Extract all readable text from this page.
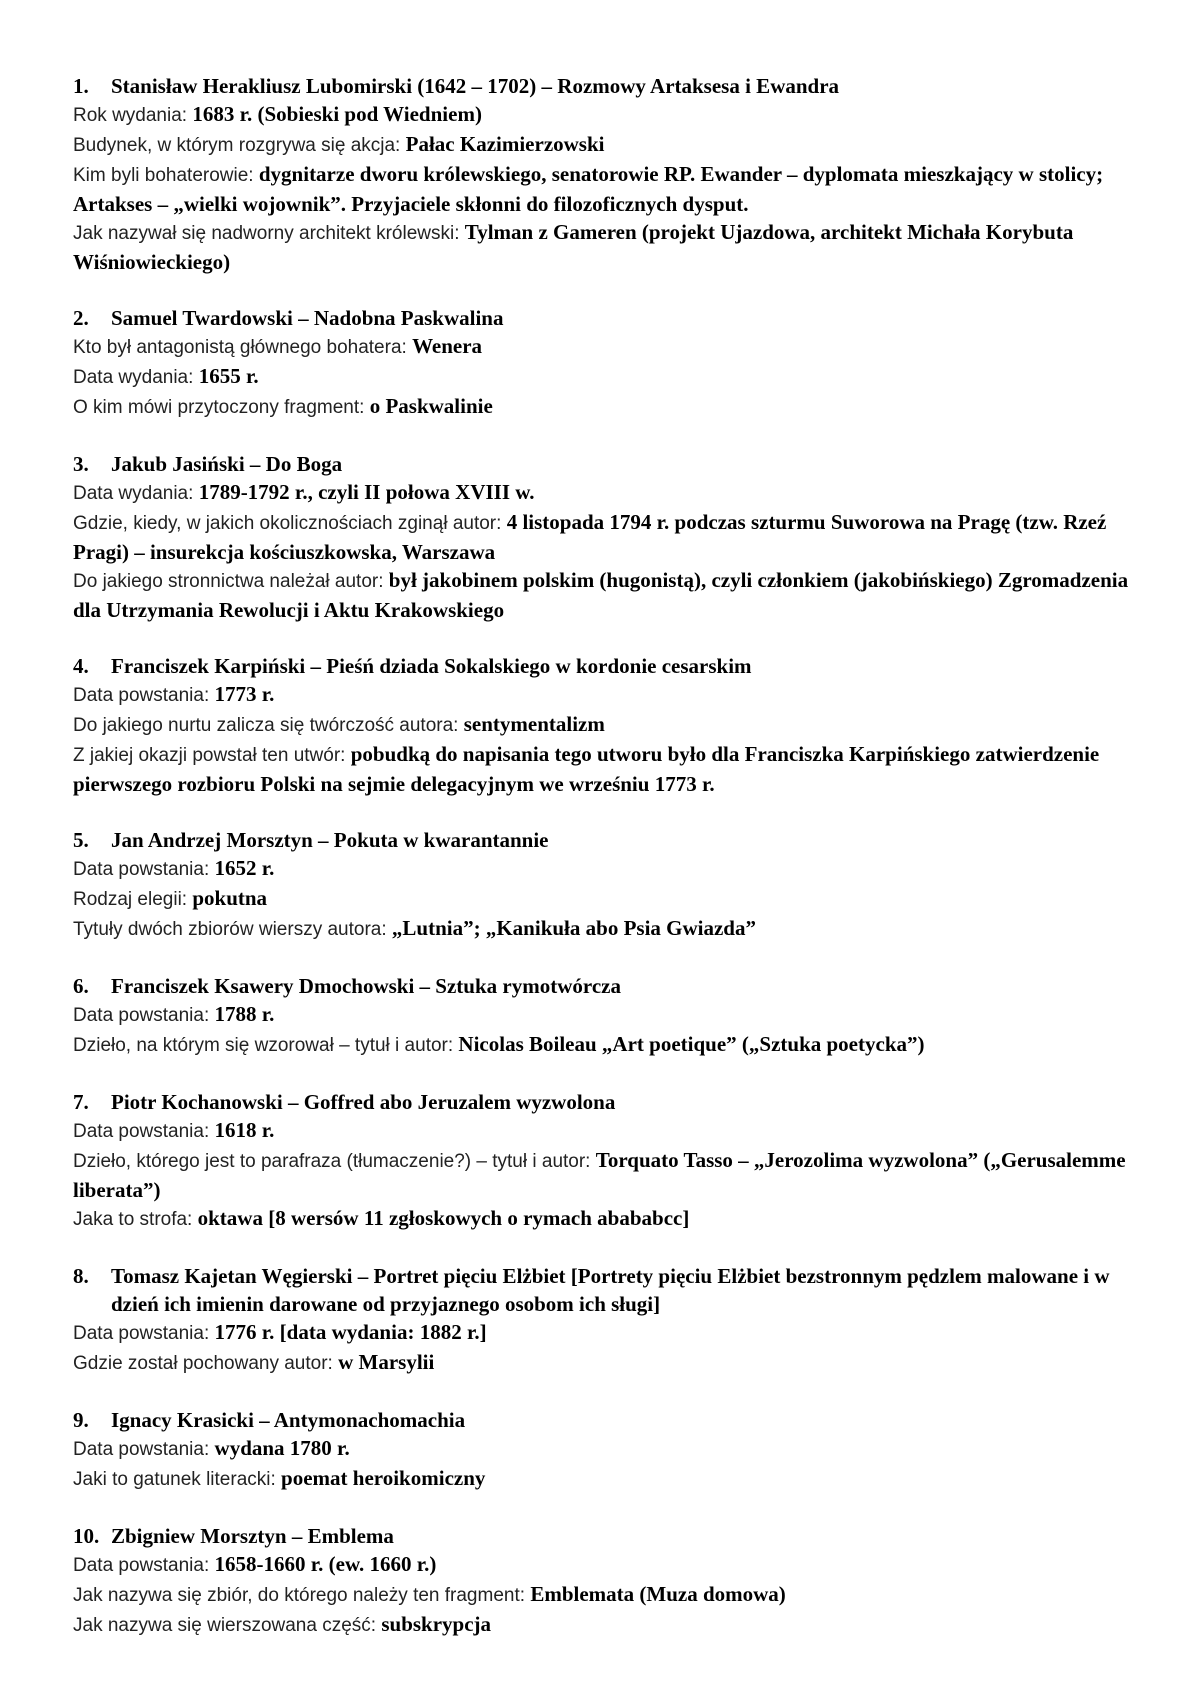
1. Stanisław Herakliusz Lubomirski (1642 – 1702) – Rozmowy Artaksesa i Ewandra
Rok wydania: 1683 r. (Sobieski pod Wiedniem)
Budynek, w którym rozgrywa się akcja: Pałac Kazimierzowski
Kim byli bohaterowie: dygnitarze dworu królewskiego, senatorowie RP. Ewander – dyplomata mieszkający w stolicy; Artakses – „wielki wojownik”. Przyjaciele skłonni do filozoficznych dysput.
Jak nazywał się nadworny architekt królewski: Tylman z Gameren (projekt Ujazdowa, architekt Michała Korybuta Wiśniowieckiego)
2. Samuel Twardowski – Nadobna Paskwalina
Kto był antagonistą głównego bohatera: Wenera
Data wydania: 1655 r.
O kim mówi przytoczony fragment: o Paskwalinie
3. Jakub Jasiński – Do Boga
Data wydania: 1789-1792 r., czyli II połowa XVIII w.
Gdzie, kiedy, w jakich okolicznościach zginął autor: 4 listopada 1794 r. podczas szturmu Suworowa na Pragę (tzw. Rzeź Pragi) – insurekcja kościuszkowska, Warszawa
Do jakiego stronnictwa należał autor: był jakobinem polskim (hugonistą), czyli członkiem (jakobińskiego) Zgromadzenia dla Utrzymania Rewolucji i Aktu Krakowskiego
4. Franciszek Karpiński – Pieśń dziada Sokalskiego w kordonie cesarskim
Data powstania: 1773 r.
Do jakiego nurtu zalicza się twórczość autora: sentymentalizm
Z jakiej okazji powstał ten utwór: pobudką do napisania tego utworu było dla Franciszka Karpińskiego zatwierdzenie pierwszego rozbioru Polski na sejmie delegacyjnym we wrześniu 1773 r.
5. Jan Andrzej Morsztyn – Pokuta w kwarantannie
Data powstania: 1652 r.
Rodzaj elegii: pokutna
Tytuły dwóch zbiorów wierszy autora: „Lutnia”; „Kanikuła abo Psia Gwiazda”
6. Franciszek Ksawery Dmochowski – Sztuka rymotwórcza
Data powstania: 1788 r.
Dzieło, na którym się wzorował – tytuł i autor: Nicolas Boileau „Art poetique” („Sztuka poetycka”)
7. Piotr Kochanowski – Goffred abo Jeruzalem wyzwolona
Data powstania: 1618 r.
Dzieło, którego jest to parafraza (tłumaczenie?) – tytuł i autor: Torquato Tasso – „Jerozolima wyzwolona” („Gerusalemme liberata”)
Jaka to strofa: oktawa [8 wersów 11 zgłoskowych o rymach abababcc]
8. Tomasz Kajetan Węgierski – Portret pięciu Elżbiet [Portrety pięciu Elżbiet bezstronnym pędzlem malowane i w dzień ich imienin darowane od przyjaznego osobom ich sługi]
Data powstania: 1776 r. [data wydania: 1882 r.]
Gdzie został pochowany autor: w Marsylii
9. Ignacy Krasicki – Antymonachomachia
Data powstania: wydana 1780 r.
Jaki to gatunek literacki: poemat heroikomiczny
10. Zbigniew Morsztyn – Emblema
Data powstania: 1658-1660 r. (ew. 1660 r.)
Jak nazywa się zbiór, do którego należy ten fragment: Emblemata (Muza domowa)
Jak nazywa się wierszowana część: subskrypcja
